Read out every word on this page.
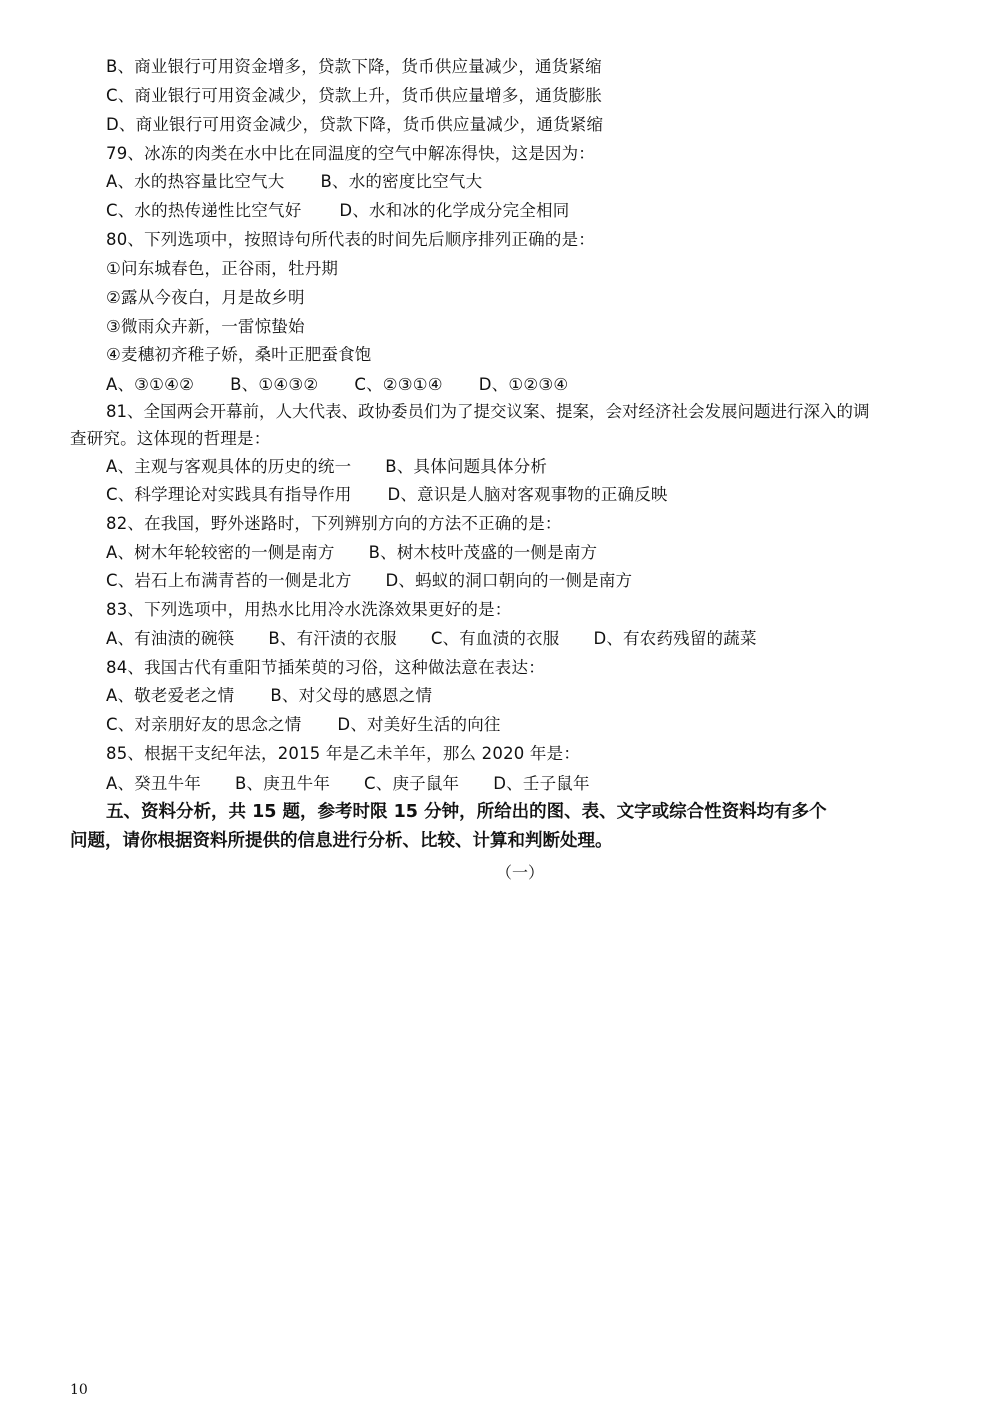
B、商业银行可用资金增多，贷款下降，货币供应量减少，通货紧缩
C、商业银行可用资金减少，贷款上升，货币供应量增多，通货膨胀
D、商业银行可用资金减少，贷款下降，货币供应量减少，通货紧缩
79、冰冻的肉类在水中比在同温度的空气中解冻得快，这是因为：
A、水的热容量比空气大 B、水的密度比空气大
C、水的热传递性比空气好 D、水和冰的化学成分完全相同
80、下列选项中，按照诗句所代表的时间先后顺序排列正确的是：
①问东城春色，正谷雨，牡丹期
②露从今夜白，月是故乡明
③微雨众卉新，一雷惊蛰始
④麦穗初齐稚子娇，桑叶正肥蚕食饱
A、③①④② B、①④③② C、②③①④ D、①②③④
81、全国两会开幕前，人大代表、政协委员们为了提交议案、提案，会对经济社会发展问题进行深入的调
查研究。这体现的哲理是：
A、主观与客观具体的历史的统一 B、具体问题具体分析
C、科学理论对实践具有指导作用 D、意识是人脑对客观事物的正确反映
82、在我国，野外迷路时，下列辨别方向的方法不正确的是：
A、树木年轮较密的一侧是南方 B、树木枝叶茂盛的一侧是南方
C、岩石上布满青苔的一侧是北方 D、蚂蚁的洞口朝向的一侧是南方
83、下列选项中，用热水比用冷水洗涤效果更好的是：
A、有油渍的碗筷 B、有汗渍的衣服 C、有血渍的衣服 D、有农药残留的蔬菜
84、我国古代有重阳节插茱萸的习俗，这种做法意在表达：
A、敬老爱老之情 B、对父母的感恩之情
C、对亲朋好友的思念之情 D、对美好生活的向往
85、根据干支纪年法，2015 年是乙未羊年，那么 2020 年是：
A、癸丑牛年 B、庚丑牛年 C、庚子鼠年 D、壬子鼠年
五、资料分析，共 15 题，参考时限 15 分钟，所给出的图、表、文字或综合性资料均有多个
问题，请你根据资料所提供的信息进行分析、比较、计算和判断处理。
（一）
10
